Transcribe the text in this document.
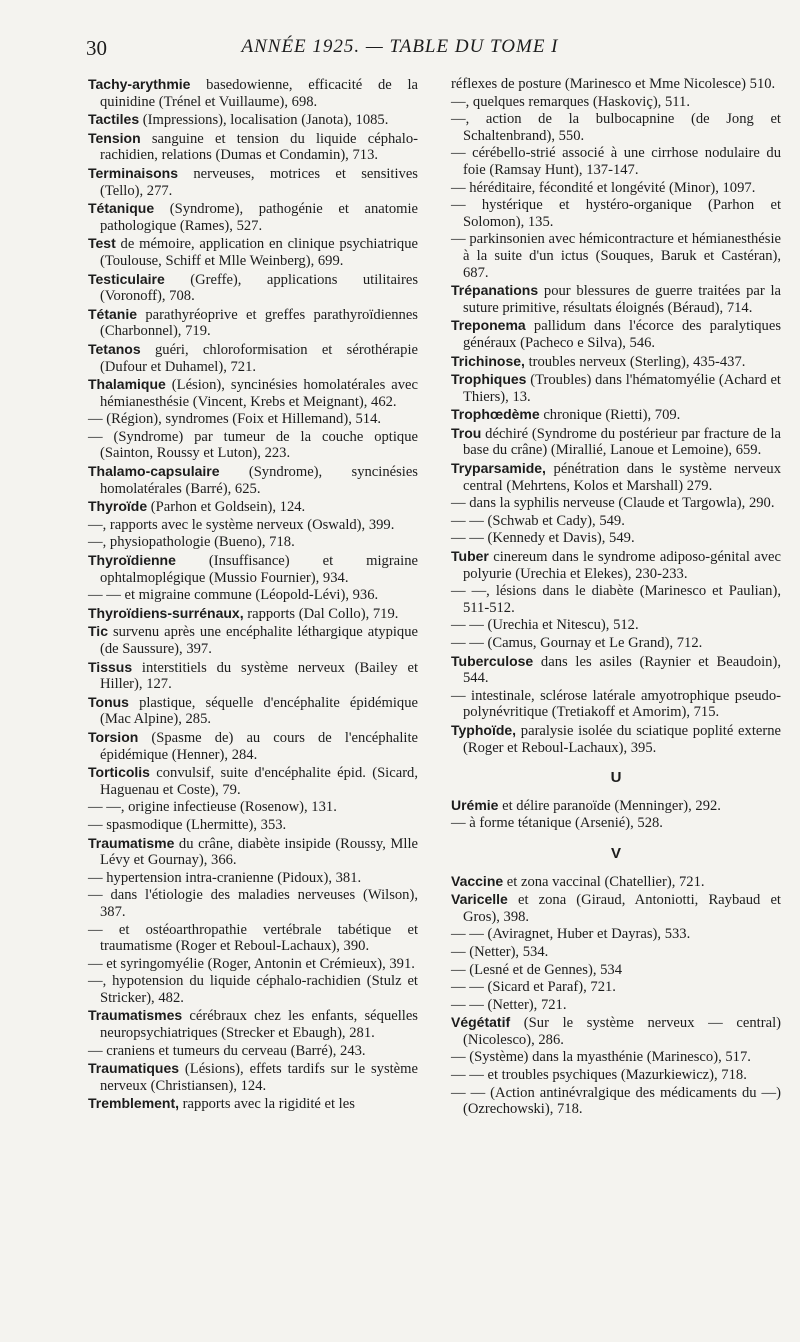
30	ANNÉE 1925. — TABLE DU TOME I
Tachy-arythmie basedowienne, efficacité de la quinidine (Trénel et Vuillaume), 698.
Tactiles (Impressions), localisation (Janota), 1085.
Tension sanguine et tension du liquide céphalo-rachidien, relations (Dumas et Condamin), 713.
Terminaisons nerveuses, motrices et sensitives (Tello), 277.
Tétanique (Syndrome), pathogénie et anatomie pathologique (Rames), 527.
Test de mémoire, application en clinique psychiatrique (Toulouse, Schiff et Mlle Weinberg), 699.
Testiculaire (Greffe), applications utilitaires (Voronoff), 708.
Tétanie parathyréoprive et greffes parathyroïdiennes (Charbonnel), 719.
Tetanos guéri, chloroformisation et sérothérapie (Dufour et Duhamel), 721.
Thalamique (Lésion), syncinésies homolatérales avec hémianesthésie (Vincent, Krebs et Meignant), 462.
— (Région), syndromes (Foix et Hillemand), 514.
— (Syndrome) par tumeur de la couche optique (Sainton, Roussy et Luton), 223.
Thalamo-capsulaire (Syndrome), syncinésies homolatérales (Barré), 625.
Thyroïde (Parhon et Goldsein), 124.
—, rapports avec le système nerveux (Oswald), 399.
—, physiopathologie (Bueno), 718.
Thyroïdienne (Insuffisance) et migraine ophtalmoplégique (Mussio Fournier), 934.
— — et migraine commune (Léopold-Lévi), 936.
Thyroïdiens-surrénaux, rapports (Dal Collo), 719.
Tic survenu après une encéphalite léthargique atypique (de Saussure), 397.
Tissus interstitiels du système nerveux (Bailey et Hiller), 127.
Tonus plastique, séquelle d'encéphalite épidémique (Mac Alpine), 285.
Torsion (Spasme de) au cours de l'encéphalite épidémique (Henner), 284.
Torticolis convulsif, suite d'encéphalite épid. (Sicard, Haguenau et Coste), 79.
— —, origine infectieuse (Rosenow), 131.
— spasmodique (Lhermitte), 353.
Traumatisme du crâne, diabète insipide (Roussy, Mlle Lévy et Gournay), 366.
— hypertension intra-cranienne (Pidoux), 381.
— dans l'étiologie des maladies nerveuses (Wilson), 387.
— et ostéoarthropathie vertébrale tabétique et traumatisme (Roger et Reboul-Lachaux), 390.
— et syringomyélie (Roger, Antonin et Crémieux), 391.
—, hypotension du liquide céphalo-rachidien (Stulz et Stricker), 482.
Traumatismes cérébraux chez les enfants, séquelles neuropsychiatriques (Strecker et Ebaugh), 281.
— craniens et tumeurs du cerveau (Barré), 243.
Traumatiques (Lésions), effets tardifs sur le système nerveux (Christiansen), 124.
Tremblement, rapports avec la rigidité et les
réflexes de posture (Marinesco et Mme Nicolesce) 510.
—, quelques remarques (Haskoviç), 511.
—, action de la bulbocapnine (de Jong et Schaltenbrand), 550.
— cérébello-strié associé à une cirrhose nodulaire du foie (Ramsay Hunt), 137-147.
— héréditaire, fécondité et longévité (Minor), 1097.
— hystérique et hystéro-organique (Parhon et Solomon), 135.
— parkinsonien avec hémicontracture et hémianesthésie à la suite d'un ictus (Souques, Baruk et Castéran), 687.
Trépanations pour blessures de guerre traitées par la suture primitive, résultats éloignés (Béraud), 714.
Treponema pallidum dans l'écorce des paralytiques généraux (Pacheco e Silva), 546.
Trichinose, troubles nerveux (Sterling), 435-437.
Trophiques (Troubles) dans l'hématomyélie (Achard et Thiers), 13.
Trophœdème chronique (Rietti), 709.
Trou déchiré (Syndrome du postérieur par fracture de la base du crâne) (Mirallié, Lanoue et Lemoine), 659.
Tryparsamide, pénétration dans le système nerveux central (Mehrtens, Kolos et Marshall) 279.
— dans la syphilis nerveuse (Claude et Targowla), 290.
— — (Schwab et Cady), 549.
— — (Kennedy et Davis), 549.
Tuber cinereum dans le syndrome adiposo-génital avec polyurie (Urechia et Elekes), 230-233.
— —, lésions dans le diabète (Marinesco et Paulian), 511-512.
— — (Urechia et Nitescu), 512.
— — (Camus, Gournay et Le Grand), 712.
Tuberculose dans les asiles (Raynier et Beaudoin), 544.
— intestinale, sclérose latérale amyotrophique pseudo-polynévritique (Tretiakoff et Amorim), 715.
Typhoïde, paralysie isolée du sciatique poplité externe (Roger et Reboul-Lachaux), 395.
U
Urémie et délire paranoïde (Menninger), 292.
— à forme tétanique (Arsenié), 528.
V
Vaccine et zona vaccinal (Chatellier), 721.
Varicelle et zona (Giraud, Antoniotti, Raybaud et Gros), 398.
— — (Aviragnet, Huber et Dayras), 533.
— (Netter), 534.
— (Lesné et de Gennes), 534
— — (Sicard et Paraf), 721.
— — (Netter), 721.
Végétatif (Sur le système nerveux — central) (Nicolesco), 286.
— (Système) dans la myasthénie (Marinesco), 517.
— — et troubles psychiques (Mazurkiewicz), 718.
— — (Action antinévralgique des médicaments du —) (Ozrechowski), 718.
